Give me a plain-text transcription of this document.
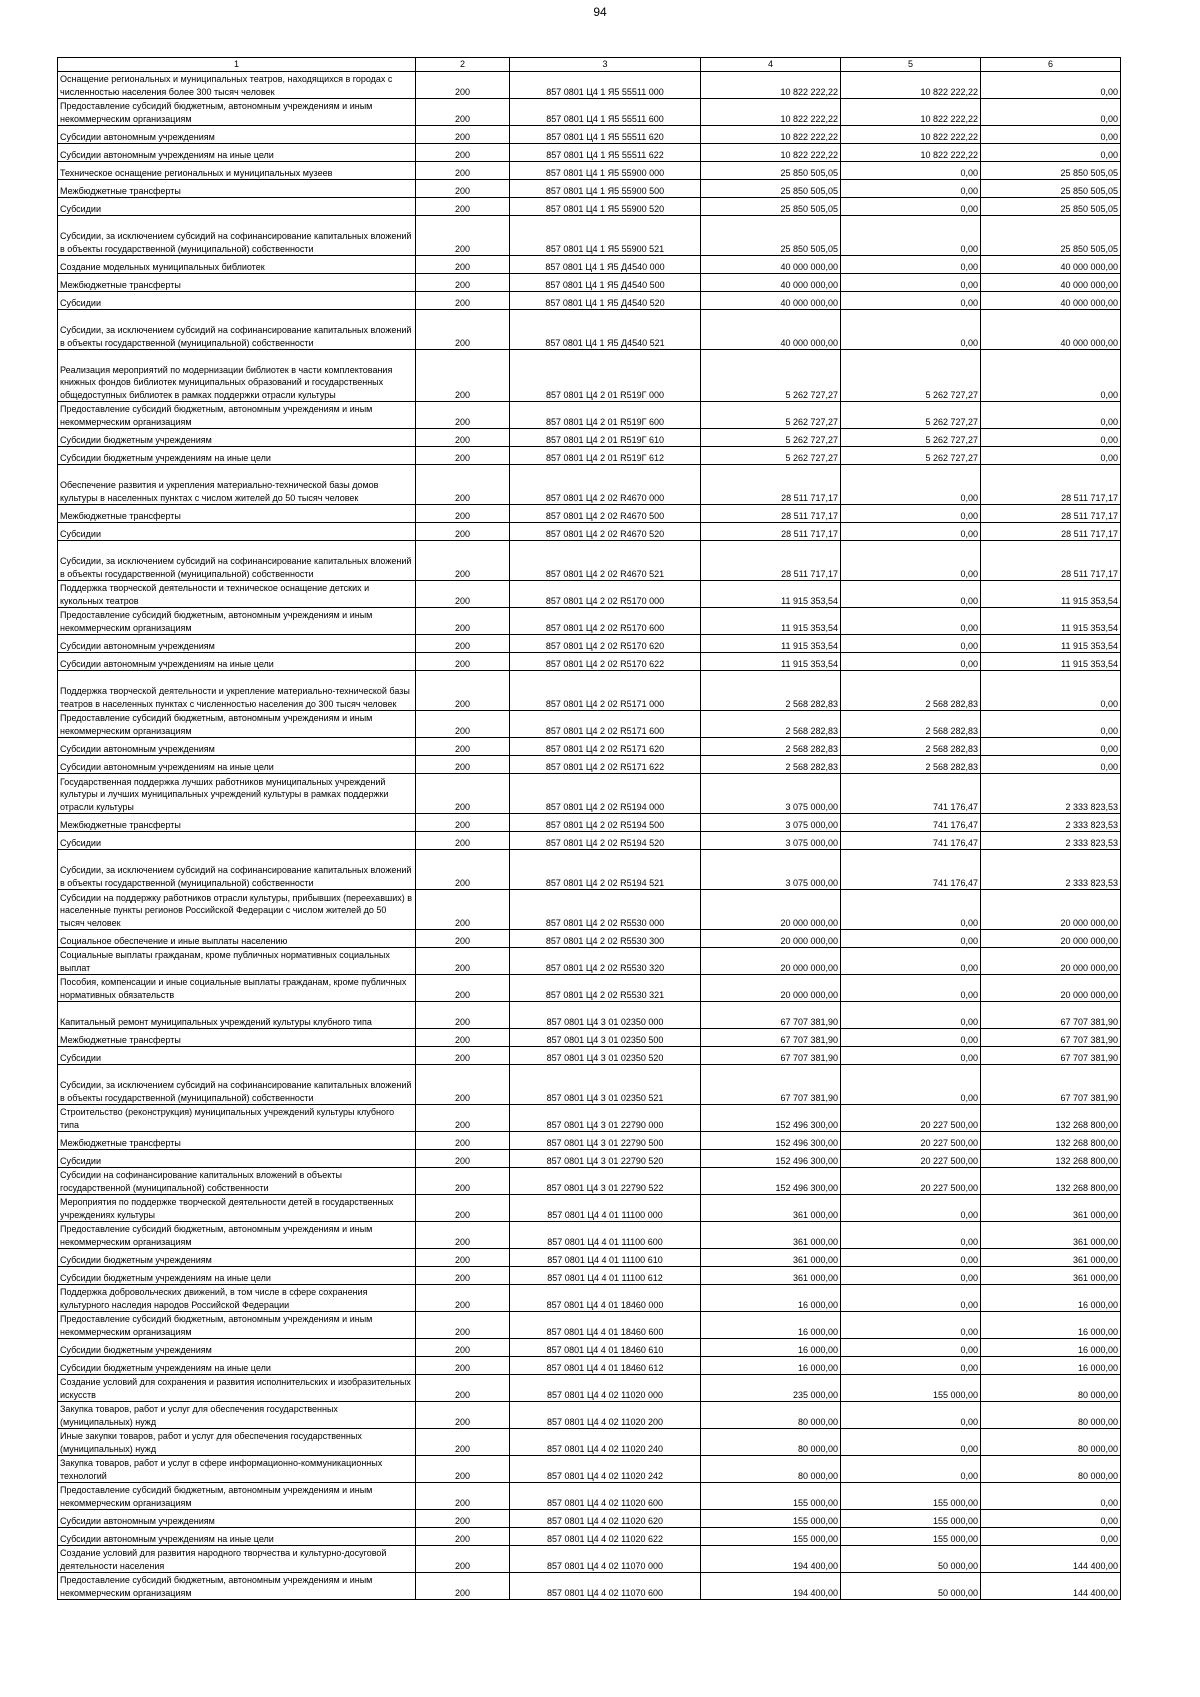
94
1	2	3	4	5	6
Оснащение региональных и муниципальных театров, находящихся в городах с численностью населения более 300 тысяч человек	200	857 0801 Ц4 1 Я5 55511 000	10 822 222,22	10 822 222,22	0,00
Предоставление субсидий бюджетным, автономным учреждениям и иным некоммерческим организациям	200	857 0801 Ц4 1 Я5 55511 600	10 822 222,22	10 822 222,22	0,00
Субсидии автономным учреждениям	200	857 0801 Ц4 1 Я5 55511 620	10 822 222,22	10 822 222,22	0,00
Субсидии автономным учреждениям на иные цели	200	857 0801 Ц4 1 Я5 55511 622	10 822 222,22	10 822 222,22	0,00
Техническое оснащение региональных и муниципальных музеев	200	857 0801 Ц4 1 Я5 55900 000	25 850 505,05	0,00	25 850 505,05
Межбюджетные трансферты	200	857 0801 Ц4 1 Я5 55900 500	25 850 505,05	0,00	25 850 505,05
Субсидии	200	857 0801 Ц4 1 Я5 55900 520	25 850 505,05	0,00	25 850 505,05
Субсидии, за исключением субсидий на софинансирование капитальных вложений в объекты государственной (муниципальной) собственности	200	857 0801 Ц4 1 Я5 55900 521	25 850 505,05	0,00	25 850 505,05
Создание модельных муниципальных библиотек	200	857 0801 Ц4 1 Я5 Д4540 000	40 000 000,00	0,00	40 000 000,00
Межбюджетные трансферты	200	857 0801 Ц4 1 Я5 Д4540 500	40 000 000,00	0,00	40 000 000,00
Субсидии	200	857 0801 Ц4 1 Я5 Д4540 520	40 000 000,00	0,00	40 000 000,00
Субсидии, за исключением субсидий на софинансирование капитальных вложений в объекты государственной (муниципальной) собственности	200	857 0801 Ц4 1 Я5 Д4540 521	40 000 000,00	0,00	40 000 000,00
Реализация мероприятий по модернизации библиотек в части комплектования книжных фондов библиотек муниципальных образований и государственных общедоступных библиотек в рамках поддержки отрасли культуры	200	857 0801 Ц4 2 01 R519Г 000	5 262 727,27	5 262 727,27	0,00
Предоставление субсидий бюджетным, автономным учреждениям и иным некоммерческим организациям	200	857 0801 Ц4 2 01 R519Г 600	5 262 727,27	5 262 727,27	0,00
Субсидии бюджетным учреждениям	200	857 0801 Ц4 2 01 R519Г 610	5 262 727,27	5 262 727,27	0,00
Субсидии бюджетным учреждениям на иные цели	200	857 0801 Ц4 2 01 R519Г 612	5 262 727,27	5 262 727,27	0,00
Обеспечение развития и укрепления материально-технической базы домов культуры в населенных пунктах с числом жителей до 50 тысяч человек	200	857 0801 Ц4 2 02 R4670 000	28 511 717,17	0,00	28 511 717,17
Межбюджетные трансферты	200	857 0801 Ц4 2 02 R4670 500	28 511 717,17	0,00	28 511 717,17
Субсидии	200	857 0801 Ц4 2 02 R4670 520	28 511 717,17	0,00	28 511 717,17
Субсидии, за исключением субсидий на софинансирование капитальных вложений в объекты государственной (муниципальной) собственности	200	857 0801 Ц4 2 02 R4670 521	28 511 717,17	0,00	28 511 717,17
Поддержка творческой деятельности и техническое оснащение детских и кукольных театров	200	857 0801 Ц4 2 02 R5170 000	11 915 353,54	0,00	11 915 353,54
Предоставление субсидий бюджетным, автономным учреждениям и иным некоммерческим организациям	200	857 0801 Ц4 2 02 R5170 600	11 915 353,54	0,00	11 915 353,54
Субсидии автономным учреждениям	200	857 0801 Ц4 2 02 R5170 620	11 915 353,54	0,00	11 915 353,54
Субсидии автономным учреждениям на иные цели	200	857 0801 Ц4 2 02 R5170 622	11 915 353,54	0,00	11 915 353,54
Поддержка творческой деятельности и укрепление материально-технической базы театров в населенных пунктах с численностью населения до 300 тысяч человек	200	857 0801 Ц4 2 02 R5171 000	2 568 282,83	2 568 282,83	0,00
Предоставление субсидий бюджетным, автономным учреждениям и иным некоммерческим организациям	200	857 0801 Ц4 2 02 R5171 600	2 568 282,83	2 568 282,83	0,00
Субсидии автономным учреждениям	200	857 0801 Ц4 2 02 R5171 620	2 568 282,83	2 568 282,83	0,00
Субсидии автономным учреждениям на иные цели	200	857 0801 Ц4 2 02 R5171 622	2 568 282,83	2 568 282,83	0,00
Государственная поддержка лучших работников муниципальных учреждений культуры и лучших муниципальных учреждений культуры в рамках поддержки отрасли культуры	200	857 0801 Ц4 2 02 R5194 000	3 075 000,00	741 176,47	2 333 823,53
Межбюджетные трансферты	200	857 0801 Ц4 2 02 R5194 500	3 075 000,00	741 176,47	2 333 823,53
Субсидии	200	857 0801 Ц4 2 02 R5194 520	3 075 000,00	741 176,47	2 333 823,53
Субсидии, за исключением субсидий на софинансирование капитальных вложений в объекты государственной (муниципальной) собственности	200	857 0801 Ц4 2 02 R5194 521	3 075 000,00	741 176,47	2 333 823,53
Субсидии на поддержку работников отрасли культуры, прибывших (переехавших) в населенные пункты регионов Российской Федерации с числом жителей до 50 тысяч человек	200	857 0801 Ц4 2 02 R5530 000	20 000 000,00	0,00	20 000 000,00
Социальное обеспечение и иные выплаты населению	200	857 0801 Ц4 2 02 R5530 300	20 000 000,00	0,00	20 000 000,00
Социальные выплаты гражданам, кроме публичных нормативных социальных выплат	200	857 0801 Ц4 2 02 R5530 320	20 000 000,00	0,00	20 000 000,00
Пособия, компенсации и иные социальные выплаты гражданам, кроме публичных нормативных обязательств	200	857 0801 Ц4 2 02 R5530 321	20 000 000,00	0,00	20 000 000,00
Капитальный ремонт муниципальных учреждений культуры клубного типа	200	857 0801 Ц4 3 01 02350 000	67 707 381,90	0,00	67 707 381,90
Межбюджетные трансферты	200	857 0801 Ц4 3 01 02350 500	67 707 381,90	0,00	67 707 381,90
Субсидии	200	857 0801 Ц4 3 01 02350 520	67 707 381,90	0,00	67 707 381,90
Субсидии, за исключением субсидий на софинансирование капитальных вложений в объекты государственной (муниципальной) собственности	200	857 0801 Ц4 3 01 02350 521	67 707 381,90	0,00	67 707 381,90
Строительство (реконструкция) муниципальных учреждений культуры клубного типа	200	857 0801 Ц4 3 01 22790 000	152 496 300,00	20 227 500,00	132 268 800,00
Межбюджетные трансферты	200	857 0801 Ц4 3 01 22790 500	152 496 300,00	20 227 500,00	132 268 800,00
Субсидии	200	857 0801 Ц4 3 01 22790 520	152 496 300,00	20 227 500,00	132 268 800,00
Субсидии на софинансирование капитальных вложений в объекты государственной (муниципальной) собственности	200	857 0801 Ц4 3 01 22790 522	152 496 300,00	20 227 500,00	132 268 800,00
Мероприятия по поддержке творческой деятельности детей в государственных учреждениях культуры	200	857 0801 Ц4 4 01 11100 000	361 000,00	0,00	361 000,00
Предоставление субсидий бюджетным, автономным учреждениям и иным некоммерческим организациям	200	857 0801 Ц4 4 01 11100 600	361 000,00	0,00	361 000,00
Субсидии бюджетным учреждениям	200	857 0801 Ц4 4 01 11100 610	361 000,00	0,00	361 000,00
Субсидии бюджетным учреждениям на иные цели	200	857 0801 Ц4 4 01 11100 612	361 000,00	0,00	361 000,00
Поддержка добровольческих движений, в том числе в сфере сохранения культурного наследия народов Российской Федерации	200	857 0801 Ц4 4 01 18460 000	16 000,00	0,00	16 000,00
Предоставление субсидий бюджетным, автономным учреждениям и иным некоммерческим организациям	200	857 0801 Ц4 4 01 18460 600	16 000,00	0,00	16 000,00
Субсидии бюджетным учреждениям	200	857 0801 Ц4 4 01 18460 610	16 000,00	0,00	16 000,00
Субсидии бюджетным учреждениям на иные цели	200	857 0801 Ц4 4 01 18460 612	16 000,00	0,00	16 000,00
Создание условий для сохранения и развития исполнительских и изобразительных искусств	200	857 0801 Ц4 4 02 11020 000	235 000,00	155 000,00	80 000,00
Закупка товаров, работ и услуг для обеспечения государственных (муниципальных) нужд	200	857 0801 Ц4 4 02 11020 200	80 000,00	0,00	80 000,00
Иные закупки товаров, работ и услуг для обеспечения государственных (муниципальных) нужд	200	857 0801 Ц4 4 02 11020 240	80 000,00	0,00	80 000,00
Закупка товаров, работ и услуг в сфере информационно-коммуникационных технологий	200	857 0801 Ц4 4 02 11020 242	80 000,00	0,00	80 000,00
Предоставление субсидий бюджетным, автономным учреждениям и иным некоммерческим организациям	200	857 0801 Ц4 4 02 11020 600	155 000,00	155 000,00	0,00
Субсидии автономным учреждениям	200	857 0801 Ц4 4 02 11020 620	155 000,00	155 000,00	0,00
Субсидии автономным учреждениям на иные цели	200	857 0801 Ц4 4 02 11020 622	155 000,00	155 000,00	0,00
Создание условий для развития народного творчества и культурно-досуговой деятельности населения	200	857 0801 Ц4 4 02 11070 000	194 400,00	50 000,00	144 400,00
Предоставление субсидий бюджетным, автономным учреждениям и иным некоммерческим организациям	200	857 0801 Ц4 4 02 11070 600	194 400,00	50 000,00	144 400,00
